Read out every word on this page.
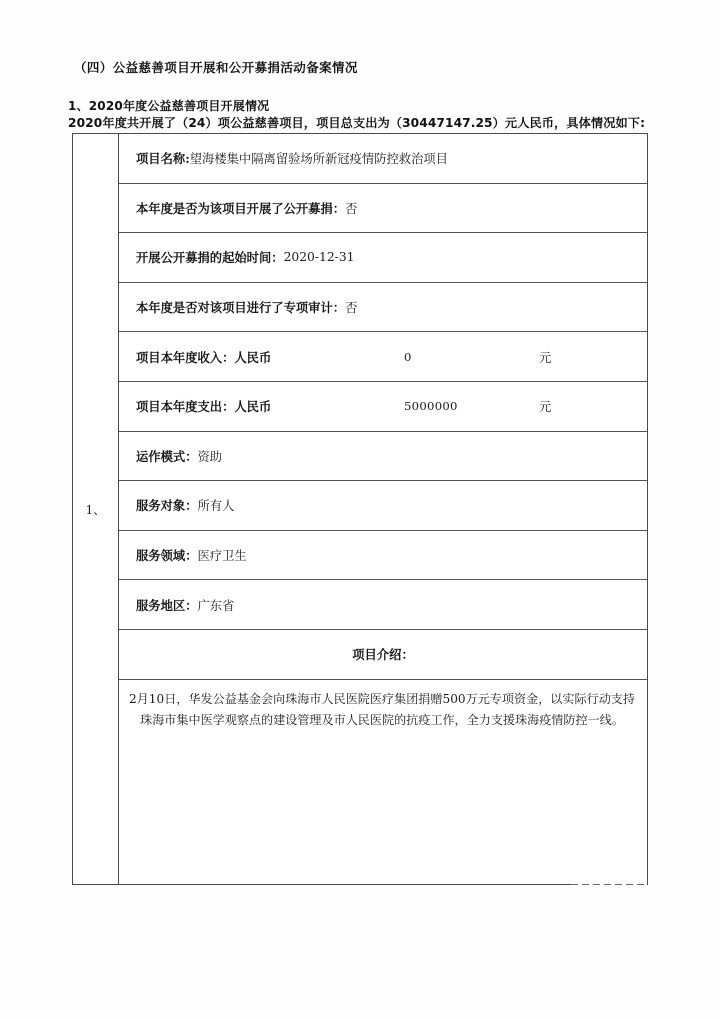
（四）公益慈善项目开展和公开募捐活动备案情况
1、2020年度公益慈善项目开展情况
2020年度共开展了（24）项公益慈善项目，项目总支出为（30447147.25）元人民币，具体情况如下:
1、
项目名称: 望海楼集中隔离留验场所新冠疫情防控救治项目
本年度是否为该项目开展了公开募捐： 否
开展公开募捐的起始时间： 2020-12-31
本年度是否对该项目进行了专项审计： 否
项目本年度收入：人民币	0	元
项目本年度支出：人民币	5000000	元
运作模式： 资助
服务对象： 所有人
服务领域： 医疗卫生
服务地区： 广东省
项目介绍：

2月10日，华发公益基金会向珠海市人民医院医疗集团捐赠500万元专项资金，以实际行动支持珠海市集中医学观察点的建设管理及市人民医院的抗疫工作，全力支援珠海疫情防控一线。
